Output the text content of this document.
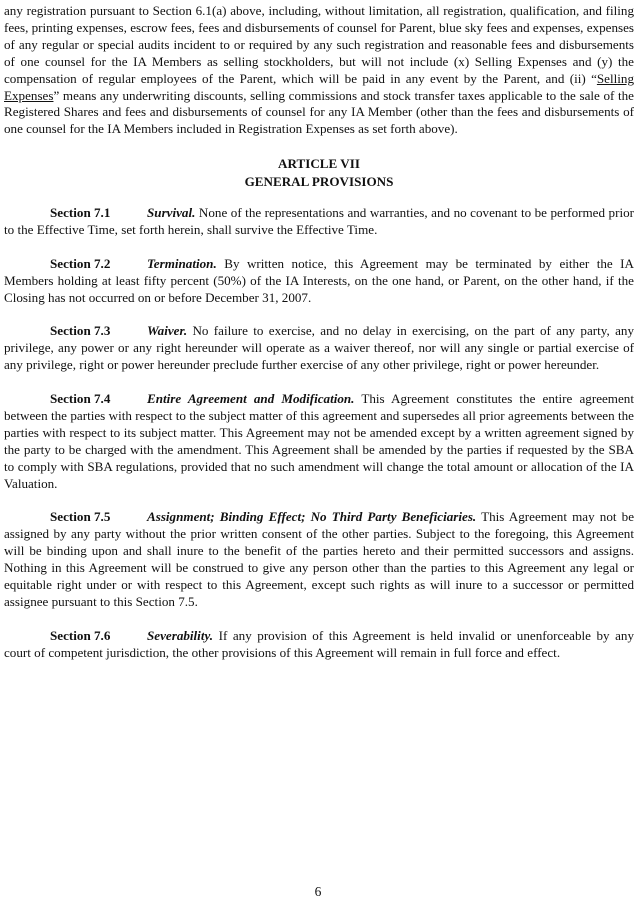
any registration pursuant to Section 6.1(a) above, including, without limitation, all registration, qualification, and filing fees, printing expenses, escrow fees, fees and disbursements of counsel for Parent, blue sky fees and expenses, expenses of any regular or special audits incident to or required by any such registration and reasonable fees and disbursements of one counsel for the IA Members as selling stockholders, but will not include (x) Selling Expenses and (y) the compensation of regular employees of the Parent, which will be paid in any event by the Parent, and (ii) “Selling Expenses” means any underwriting discounts, selling commissions and stock transfer taxes applicable to the sale of the Registered Shares and fees and disbursements of counsel for any IA Member (other than the fees and disbursements of one counsel for the IA Members included in Registration Expenses as set forth above).

ARTICLE VII

GENERAL PROVISIONS

Section 7.1	Survival. None of the representations and warranties, and no covenant to be performed prior to the Effective Time, set forth herein, shall survive the Effective Time.

Section 7.2	Termination. By written notice, this Agreement may be terminated by either the IA Members holding at least fifty percent (50%) of the IA Interests, on the one hand, or Parent, on the other hand, if the Closing has not occurred on or before December 31, 2007.

Section 7.3	Waiver. No failure to exercise, and no delay in exercising, on the part of any party, any privilege, any power or any right hereunder will operate as a waiver thereof, nor will any single or partial exercise of any privilege, right or power hereunder preclude further exercise of any other privilege, right or power hereunder.

Section 7.4	Entire Agreement and Modification. This Agreement constitutes the entire agreement between the parties with respect to the subject matter of this agreement and supersedes all prior agreements between the parties with respect to its subject matter. This Agreement may not be amended except by a written agreement signed by the party to be charged with the amendment. This Agreement shall be amended by the parties if requested by the SBA to comply with SBA regulations, provided that no such amendment will change the total amount or allocation of the IA Valuation.

Section 7.5	Assignment; Binding Effect; No Third Party Beneficiaries. This Agreement may not be assigned by any party without the prior written consent of the other parties. Subject to the foregoing, this Agreement will be binding upon and shall inure to the benefit of the parties hereto and their permitted successors and assigns. Nothing in this Agreement will be construed to give any person other than the parties to this Agreement any legal or equitable right under or with respect to this Agreement, except such rights as will inure to a successor or permitted assignee pursuant to this Section 7.5.

Section 7.6	Severability. If any provision of this Agreement is held invalid or unenforceable by any court of competent jurisdiction, the other provisions of this Agreement will remain in full force and effect.

6
